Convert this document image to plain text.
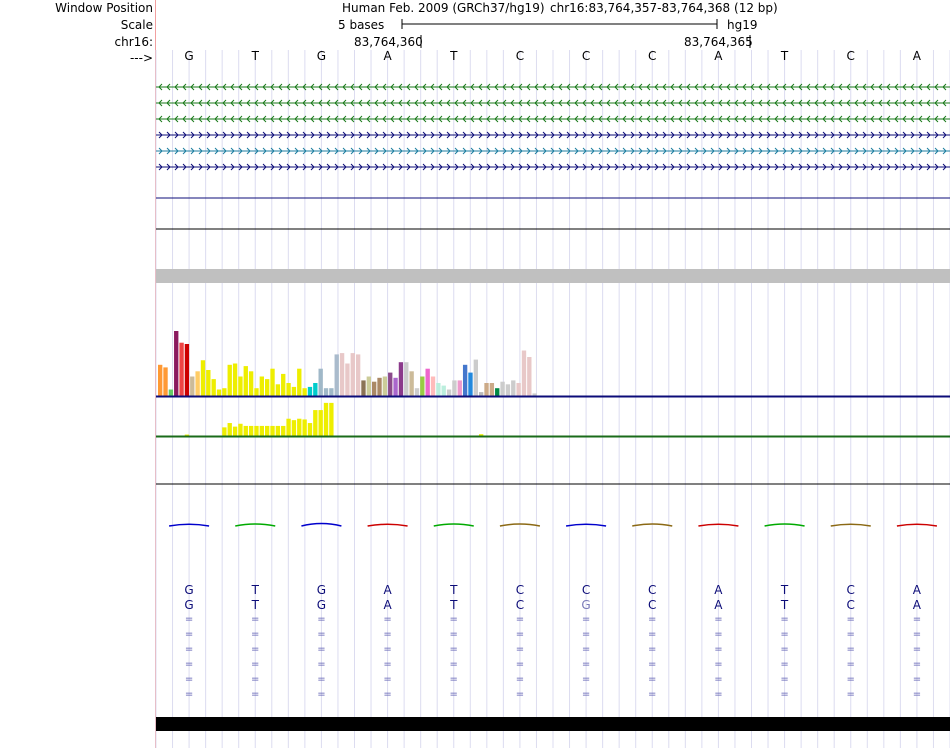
Window Position
Scale
chr16:
--->
Human Feb. 2009 (GRCh37/hg19) chr16:83,764,357-83,764,368 (12 bp)
5 bases	hg19
83,764,360	83,764,365
G	T	G	A	T	C	C	C	A	T	C	A
G	T	G	A	T	C	C	C	A	T	C	A
G	T	G	A	T	C	G	C	A	T	C	A
=	=	=	=	=	=	=	=	=	=	=	=
=	=	=	=	=	=	=	=	=	=	=	=
=	=	=	=	=	=	=	=	=	=	=	=
=	=	=	=	=	=	=	=	=	=	=	=
=	=	=	=	=	=	=	=	=	=	=	=
=	=	=	=	=	=	=	=	=	=	=	=
